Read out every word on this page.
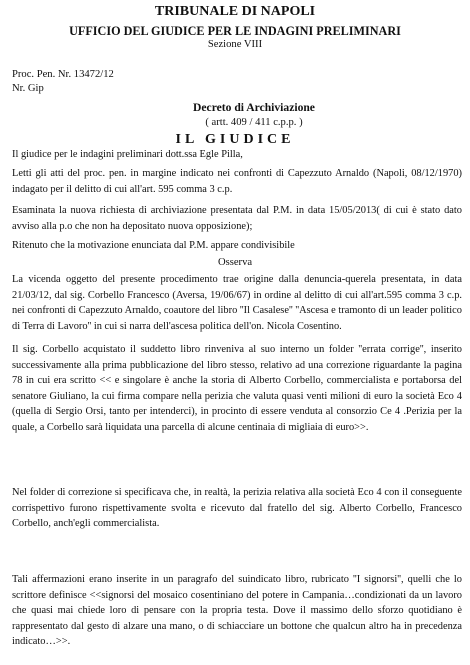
TRIBUNALE DI NAPOLI
UFFICIO DEL GIUDICE PER LE INDAGINI PRELIMINARI
Sezione VIII
Proc. Pen. Nr. 13472/12
Nr. Gip
Decreto di Archiviazione
( artt. 409 / 411 c.p.p. )
IL GIUDICE

Il giudice per le indagini preliminari dott.ssa Egle Pilla,

Letti gli atti del proc. pen. in margine indicato nei confronti di Capezzuto Arnaldo (Napoli, 08/12/1970) indagato per il delitto di cui all'art. 595 comma 3 c.p.

Esaminata la nuova richiesta di archiviazione presentata dal P.M. in data 15/05/2013( di cui è stato dato avviso alla p.o che non ha depositato nuova opposizione);

Ritenuto che la motivazione enunciata dal P.M. appare condivisibile

Osserva

La vicenda oggetto del presente procedimento trae origine dalla denuncia-querela presentata, in data 21/03/12, dal sig. Corbello Francesco (Aversa, 19/06/67) in ordine al delitto di cui all'art.595 comma 3 c.p. nei confronti di Capezzuto Arnaldo, coautore del libro ''Il Casalese'' ''Ascesa e tramonto di un leader politico di Terra di Lavoro'' in cui si narra dell'ascesa politica dell'on. Nicola Cosentino.

Il sig. Corbello acquistato il suddetto libro rinveniva al suo interno un folder ''errata corrige'', inserito successivamente alla prima pubblicazione del libro stesso, relativo ad una correzione riguardante la pagina 78 in cui era scritto << e singolare è anche la storia di Alberto Corbello, commercialista e portaborsa del senatore Giuliano, la cui firma compare nella perizia che valuta quasi venti milioni di euro la società Eco 4 (quella di Sergio Orsi, tanto per intenderci), in procinto di essere venduta al consorzio Ce 4 .Perizia per la quale, a Corbello sarà liquidata una parcella di alcune centinaia di migliaia di euro>>.

Nel folder di correzione si specificava che, in realtà, la perizia relativa alla società Eco 4 con il conseguente corrispettivo furono rispettivamente svolta e ricevuto dal fratello del sig. Alberto Corbello, Francesco Corbello, anch'egli commercialista.

Tali affermazioni erano inserite in un paragrafo del suindicato libro, rubricato ''I signorsi'', quelli che lo scrittore definisce <<signorsi del mosaico cosentiniano del potere in Campania…condizionati da un lavoro che quasi mai chiede loro di pensare con la propria testa. Dove il massimo dello sforzo quotidiano è rappresentato dal gesto di alzare una mano, o di schiacciare un bottone che qualcun altro ha in precedenza indicato…>>.
